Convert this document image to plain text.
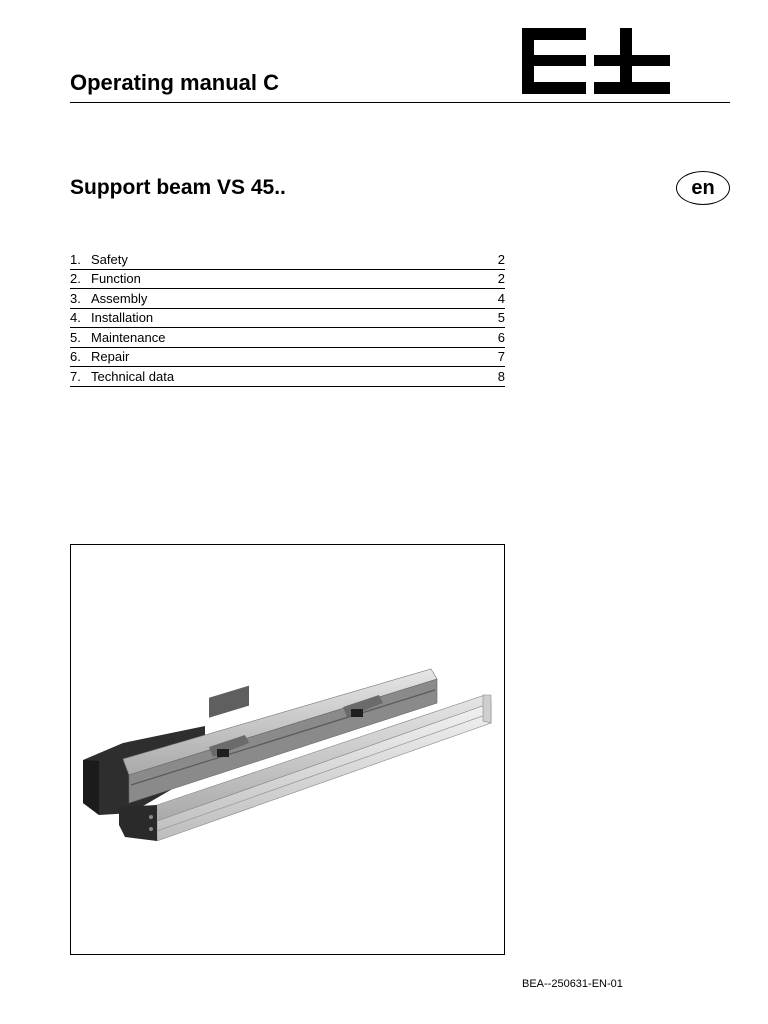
Operating manual C
Support beam VS 45..	en
1. Safety	2
2. Function	2
3. Assembly	4
4. Installation	5
5. Maintenance	6
6. Repair	7
7. Technical data	8
BEA--250631-EN-01
